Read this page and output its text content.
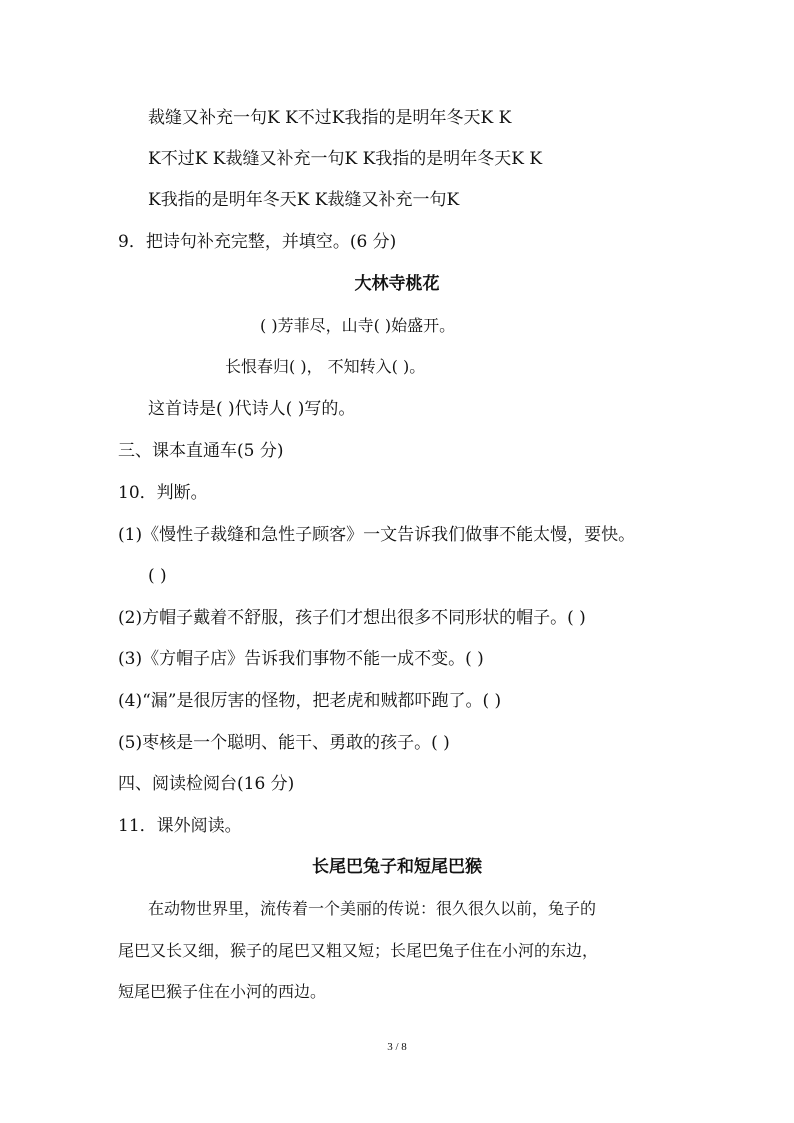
裁缝又补充一句K K不过K我指的是明年冬天K K
K不过K K裁缝又补充一句K K我指的是明年冬天K K
K我指的是明年冬天K K裁缝又补充一句K
9．把诗句补充完整，并填空。(6 分)
大林寺桃花
( )芳菲尽，山寺( )始盛开。
长恨春归( )， 不知转入( )。
这首诗是( )代诗人( )写的。
三、课本直通车(5 分)
10．判断。
(1)《慢性子裁缝和急性子顾客》一文告诉我们做事不能太慢，要快。
( )
(2)方帽子戴着不舒服，孩子们才想出很多不同形状的帽子。( )
(3)《方帽子店》告诉我们事物不能一成不变。( )
(4)“漏”是很厉害的怪物，把老虎和贼都吓跑了。( )
(5)枣核是一个聪明、能干、勇敢的孩子。( )
四、阅读检阅台(16 分)
11．课外阅读。
长尾巴兔子和短尾巴猴
在动物世界里，流传着一个美丽的传说：很久很久以前，兔子的
尾巴又长又细，猴子的尾巴又粗又短；长尾巴兔子住在小河的东边，
短尾巴猴子住在小河的西边。
3 / 8
